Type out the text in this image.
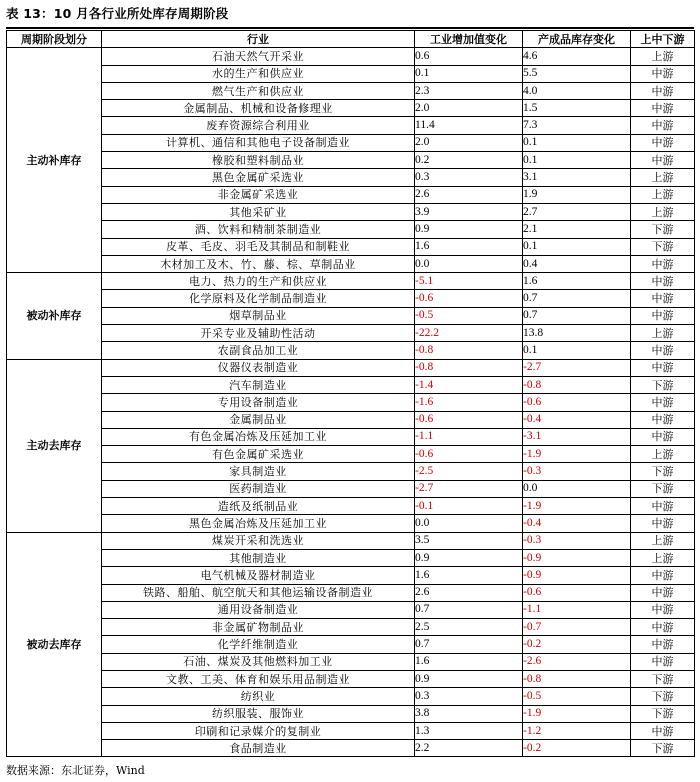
表 13：10 月各行业所处库存周期阶段
周期阶段划分	行业	工业增加值变化	产成品库存变化	上中下游
主动补库存	石油天然气开采业	0.6	4.6	上游
	水的生产和供应业	0.1	5.5	中游
	燃气生产和供应业	2.3	4.0	中游
	金属制品、机械和设备修理业	2.0	1.5	中游
	废弃资源综合利用业	11.4	7.3	中游
	计算机、通信和其他电子设备制造业	2.0	0.1	中游
	橡胶和塑料制品业	0.2	0.1	中游
	黑色金属矿采选业	0.3	3.1	上游
	非金属矿采选业	2.6	1.9	上游
	其他采矿业	3.9	2.7	上游
	酒、饮料和精制茶制造业	0.9	2.1	下游
	皮革、毛皮、羽毛及其制品和制鞋业	1.6	0.1	下游
	木材加工及木、竹、藤、棕、草制品业	0.0	0.4	中游
被动补库存	电力、热力的生产和供应业	-5.1	1.6	中游
	化学原料及化学制品制造业	-0.6	0.7	中游
	烟草制品业	-0.5	0.7	中游
	开采专业及辅助性活动	-22.2	13.8	上游
	农副食品加工业	-0.8	0.1	中游
主动去库存	仪器仪表制造业	-0.8	-2.7	中游
	汽车制造业	-1.4	-0.8	下游
	专用设备制造业	-1.6	-0.6	中游
	金属制品业	-0.6	-0.4	中游
	有色金属冶炼及压延加工业	-1.1	-3.1	中游
	有色金属矿采选业	-0.6	-1.9	上游
	家具制造业	-2.5	-0.3	下游
	医药制造业	-2.7	0.0	下游
	造纸及纸制品业	-0.1	-1.9	中游
	黑色金属冶炼及压延加工业	0.0	-0.4	中游
被动去库存	煤炭开采和洗选业	3.5	-0.3	上游
	其他制造业	0.9	-0.9	上游
	电气机械及器材制造业	1.6	-0.9	中游
	铁路、船舶、航空航天和其他运输设备制造业	2.6	-0.6	中游
	通用设备制造业	0.7	-1.1	中游
	非金属矿物制品业	2.5	-0.7	中游
	化学纤维制造业	0.7	-0.2	中游
	石油、煤炭及其他燃料加工业	1.6	-2.6	中游
	文教、工美、体育和娱乐用品制造业	0.9	-0.8	下游
	纺织业	0.3	-0.5	下游
	纺织服装、服饰业	3.8	-1.9	下游
	印刷和记录媒介的复制业	1.3	-1.2	中游
	食品制造业	2.2	-0.2	下游
数据来源：东北证券，Wind
